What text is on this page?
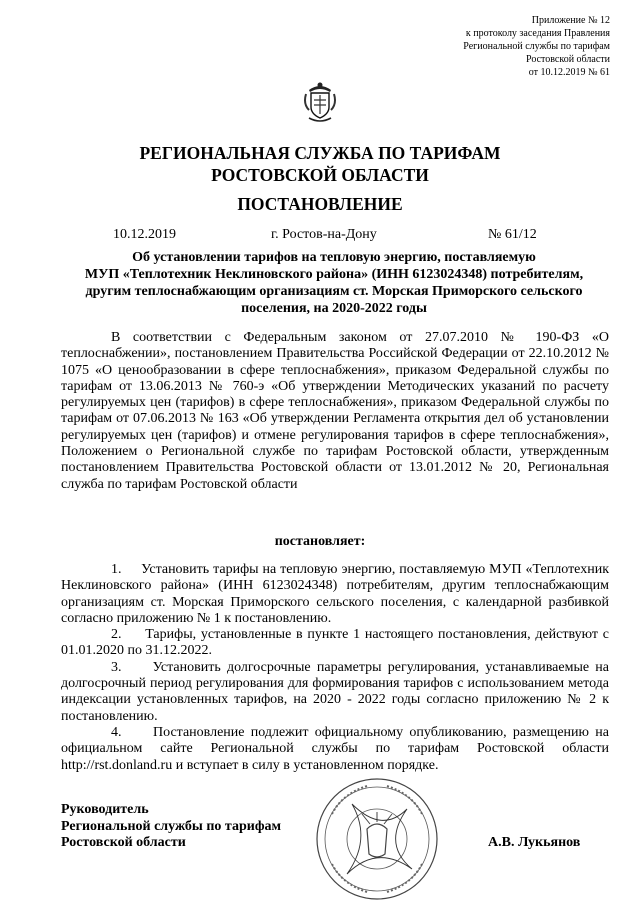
Приложение № 12
к протоколу заседания Правления
Региональной службы по тарифам
Ростовской области
от 10.12.2019 № 61
РЕГИОНАЛЬНАЯ СЛУЖБА ПО ТАРИФАМ
РОСТОВСКОЙ ОБЛАСТИ
ПОСТАНОВЛЕНИЕ
10.12.2019	г. Ростов-на-Дону	№ 61/12
Об установлении тарифов на тепловую энергию, поставляемую
МУП «Теплотехник Неклиновского района» (ИНН 6123024348) потребителям,
другим теплоснабжающим организациям ст. Морская Приморского сельского
поселения, на 2020-2022 годы

В соответствии с Федеральным законом от 27.07.2010 № 190-ФЗ «О теплоснабжении», постановлением Правительства Российской Федерации от 22.10.2012 № 1075 «О ценообразовании в сфере теплоснабжения», приказом Федеральной службы по тарифам от 13.06.2013 № 760-э «Об утверждении Методических указаний по расчету регулируемых цен (тарифов) в сфере теплоснабжения», приказом Федеральной службы по тарифам от 07.06.2013 № 163 «Об утверждении Регламента открытия дел об установлении регулируемых цен (тарифов) и отмене регулирования тарифов в сфере теплоснабжения», Положением о Региональной службе по тарифам Ростовской области, утвержденным постановлением Правительства Ростовской области от 13.01.2012 № 20, Региональная служба по тарифам Ростовской области

постановляет:

1.     Установить тарифы на тепловую энергию, поставляемую МУП «Теплотехник Неклиновского района» (ИНН 6123024348) потребителям, другим теплоснабжающим организациям ст. Морская Приморского сельского поселения, с календарной разбивкой согласно приложению № 1 к постановлению.

2.     Тарифы, установленные в пункте 1 настоящего постановления, действуют с 01.01.2020 по 31.12.2022.

3.     Установить долгосрочные параметры регулирования, устанавливаемые на долгосрочный период регулирования для формирования тарифов с использованием метода индексации установленных тарифов, на 2020 - 2022 годы согласно приложению № 2 к постановлению.

4.     Постановление подлежит официальному опубликованию, размещению на официальном сайте Региональной службы по тарифам Ростовской области http://rst.donland.ru и вступает в силу в установленном порядке.

Руководитель
Региональной службы по тарифам
Ростовской области	А.В. Лукьянов
